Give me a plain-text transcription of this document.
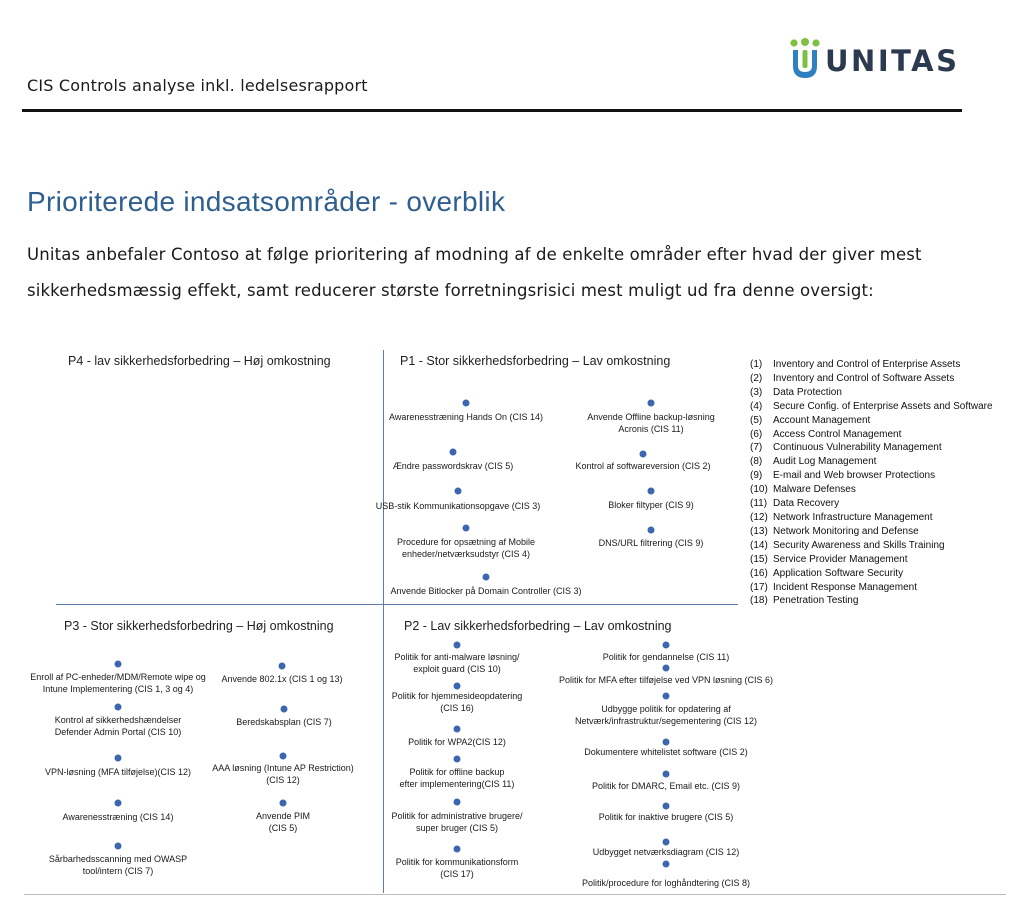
CIS Controls analyse inkl. ledelsesrapport
UNITAS
Prioriterede indsatsområder - overblik
Unitas anbefaler Contoso at følge prioritering af modning af de enkelte områder efter hvad der giver mest
sikkerhedsmæssig effekt, samt reducerer største forretningsrisici mest muligt ud fra denne oversigt:
P4 - lav sikkerhedsforbedring – Høj omkostning	P1 - Stor sikkerhedsforbedring – Lav omkostning
P3 - Stor sikkerhedsforbedring – Høj omkostning	P2 - Lav sikkerhedsforbedring – Lav omkostning
Awarenesstræning Hands On (CIS 14)	Anvende Offline backup-løsning
Acronis (CIS 11)
Ændre passwordskrav (CIS 5)	Kontrol af softwareversion (CIS 2)
USB-stik Kommunikationsopgave (CIS 3)	Bloker filtyper (CIS 9)
Procedure for opsætning af Mobile
enheder/netværksudstyr (CIS 4)
DNS/URL filtrering (CIS 9)
Anvende Bitlocker på Domain Controller (CIS 3)
Enroll af PC-enheder/MDM/Remote wipe og
Intune Implementering (CIS 1, 3 og 4)
Anvende 802.1x (CIS 1 og 13)
Kontrol af sikkerhedshændelser
Defender Admin Portal (CIS 10)
Beredskabsplan (CIS 7)
VPN-løsning (MFA tilføjelse)(CIS 12) AAA løsning (Intune AP Restriction)
(CIS 12)
Awarenesstræning (CIS 14)	Anvende PIM
(CIS 5)
Sårbarhedsscanning med OWASP
tool/intern (CIS 7)
Politik for anti-malware løsning/
exploit guard (CIS 10)
Politik for gendannelse (CIS 11)
Politik for MFA efter tilføjelse ved VPN løsning (CIS 6)
Politik for hjemmesideopdatering
(CIS 16)	Udbygge politik for opdatering af
Netværk/infrastruktur/segementering (CIS 12)
Politik for WPA2(CIS 12)
Dokumentere whitelistet software (CIS 2)
Politik for offline backup
efter implementering(CIS 11)	Politik for DMARC, Email etc. (CIS 9)
Politik for administrative brugere/
super bruger (CIS 5)
Politik for inaktive brugere (CIS 5)
Politik for kommunikationsform
(CIS 17)
Udbygget netværksdiagram (CIS 12)
Politik/procedure for loghåndtering (CIS 8)
(1)	Inventory and Control of Enterprise Assets
(2)	Inventory and Control of Software Assets
(3)	Data Protection
(4)	Secure Config. of Enterprise Assets and Software
(5)	Account Management
(6)	Access Control Management
(7)	Continuous Vulnerability Management
(8)	Audit Log Management
(9)	E-mail and Web browser Protections
(10) Malware Defenses
(11) Data Recovery
(12) Network Infrastructure Management
(13) Network Monitoring and Defense
(14) Security Awareness and Skills Training
(15) Service Provider Management
(16) Application Software Security
(17) Incident Response Management
(18) Penetration Testing
